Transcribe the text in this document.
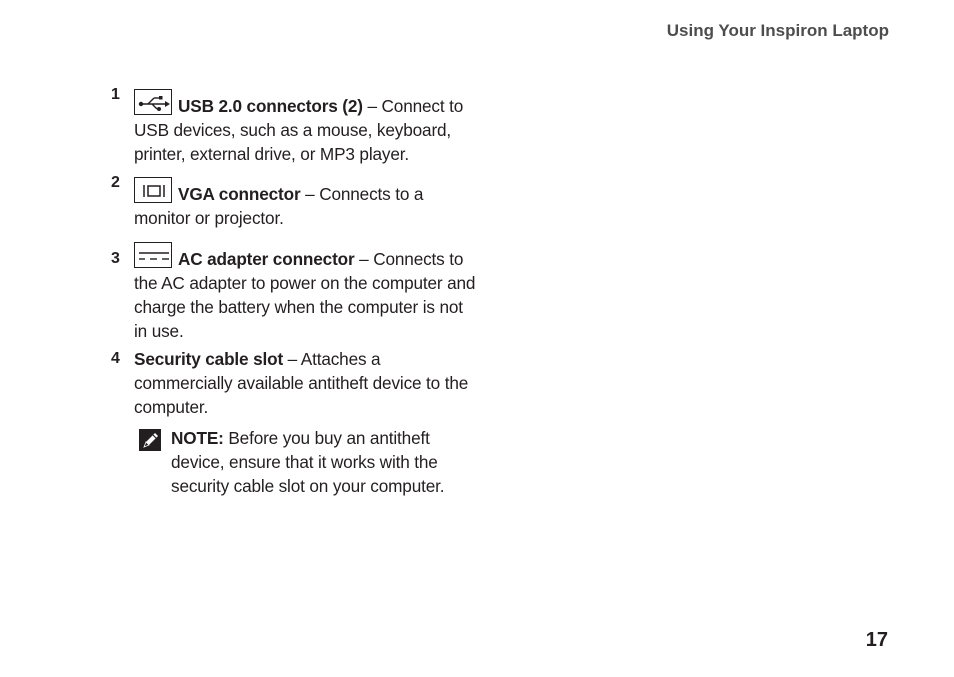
Using Your Inspiron Laptop
1
USB 2.0 connectors (2) – Connect to USB devices, such as a mouse, keyboard, printer, external drive, or MP3 player.
2
VGA connector – Connects to a monitor or projector.
3	AC adapter connector – Connects to the AC adapter to power on the computer and charge the battery when the computer is not in use.
4 Security cable slot – Attaches a commercially available antitheft device to the computer.
NOTE: Before you buy an antitheft device, ensure that it works with the security cable slot on your computer.
17
